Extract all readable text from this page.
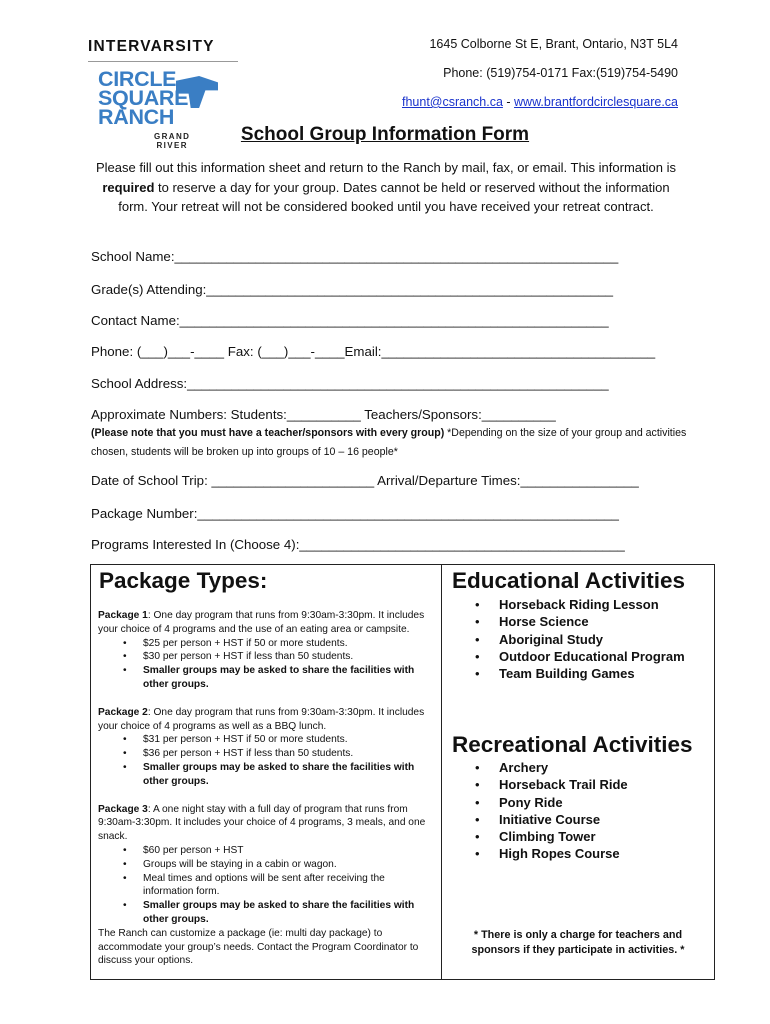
INTERVARSITY
CIRCLE
SQUARE
RANCH
GRAND
RIVER
1645 Colborne St E, Brant, Ontario, N3T 5L4
Phone: (519)754-0171 Fax:(519)754-5490
fhunt@csranch.ca - www.brantfordcirclesquare.ca
School Group Information Form
Please fill out this information sheet and return to the Ranch by mail, fax, or email. This information is required to reserve a day for your group. Dates cannot be held or reserved without the information form. Your retreat will not be considered booked until you have received your retreat contract.
School Name:____________________________________________________________
Grade(s) Attending:_______________________________________________________
Contact Name:__________________________________________________________
Phone: (___)___-____ Fax: (___)___-____Email:_____________________________________
School Address:_________________________________________________________
Approximate Numbers: Students:__________ Teachers/Sponsors:__________
(Please note that you must have a teacher/sponsors with every group) *Depending on the size of your group and activities chosen, students will be broken up into groups of 10 – 16 people*
Date of School Trip: ______________________ Arrival/Departure Times:________________
Package Number:_________________________________________________________
Programs Interested In (Choose 4):____________________________________________
Package Types:
Package 1: One day program that runs from 9:30am-3:30pm. It includes your choice of 4 programs and the use of an eating area or campsite.
• $25 per person + HST if 50 or more students.
• $30 per person + HST if less than 50 students.
• Smaller groups may be asked to share the facilities with other groups.
Package 2: One day program that runs from 9:30am-3:30pm. It includes your choice of 4 programs as well as a BBQ lunch.
• $31 per person + HST if 50 or more students.
• $36 per person + HST if less than 50 students.
• Smaller groups may be asked to share the facilities with other groups.
Package 3: A one night stay with a full day of program that runs from 9:30am-3:30pm. It includes your choice of 4 programs, 3 meals, and one snack.
• $60 per person + HST
• Groups will be staying in a cabin or wagon.
• Meal times and options will be sent after receiving the information form.
• Smaller groups may be asked to share the facilities with other groups.
The Ranch can customize a package (ie: multi day package) to accommodate your group’s needs. Contact the Program Coordinator to discuss your options.
Educational Activities
• Horseback Riding Lesson
• Horse Science
• Aboriginal Study
• Outdoor Educational Program
• Team Building Games
Recreational Activities
• Archery
• Horseback Trail Ride
• Pony Ride
• Initiative Course
• Climbing Tower
• High Ropes Course
* There is only a charge for teachers and sponsors if they participate in activities. *
